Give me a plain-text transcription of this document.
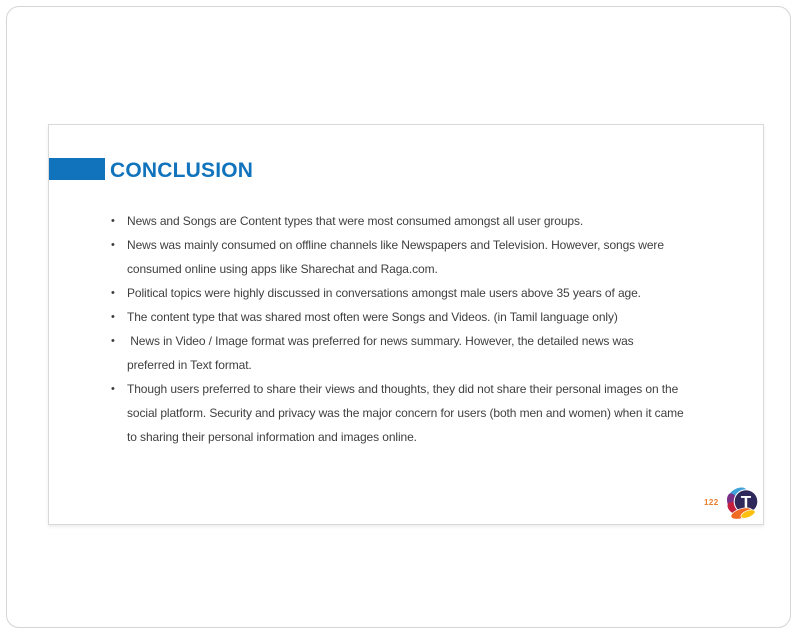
CONCLUSION
•	News and Songs are Content types that were most consumed amongst all user groups.
•	News was mainly consumed on offline channels like Newspapers and Television. However, songs were
consumed online using apps like Sharechat and Raga.com.
•	Political topics were highly discussed in conversations amongst male users above 35 years of age.
•	The content type that was shared most often were Songs and Videos. (in Tamil language only)
•	News in Video / Image format was preferred for news summary. However, the detailed news was
preferred in Text format.
•	Though users preferred to share their views and thoughts, they did not share their personal images on the
social platform. Security and privacy was the major concern for users (both men and women) when it came
to sharing their personal information and images online.
122 T
